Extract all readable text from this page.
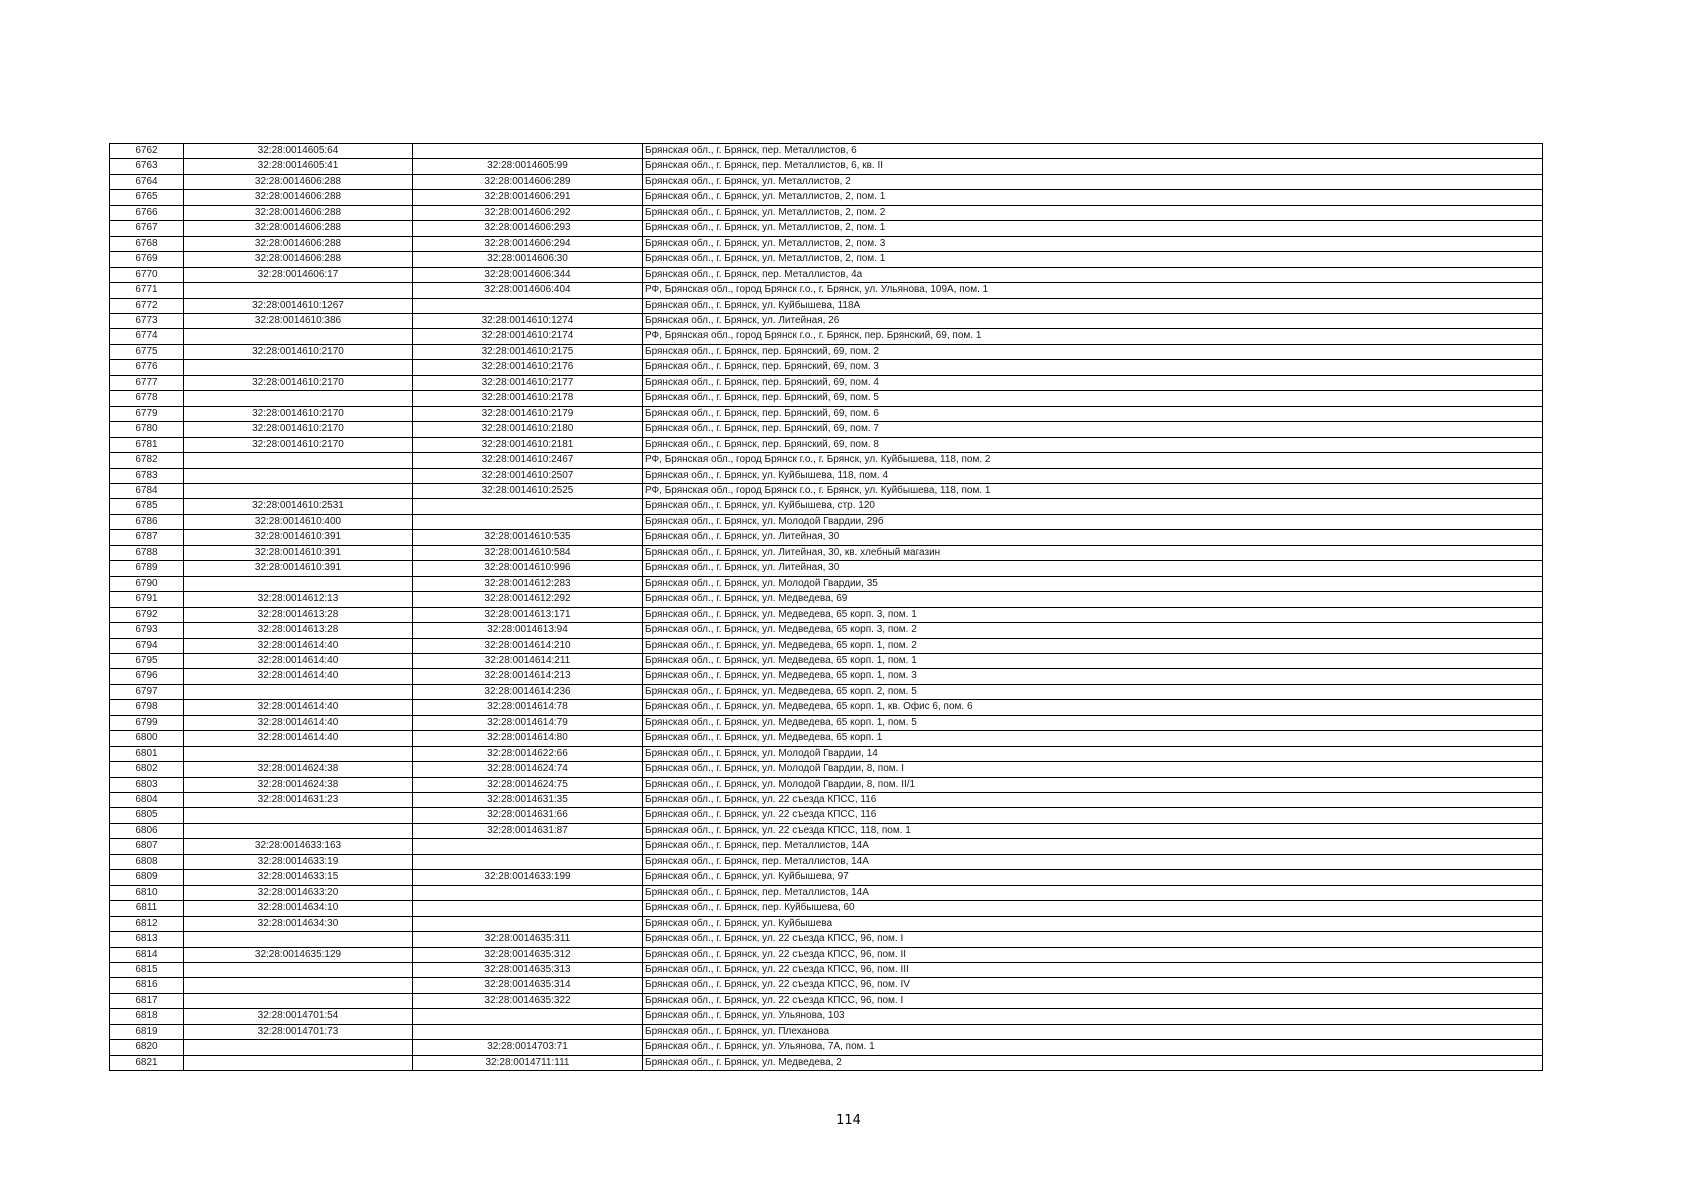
6762	32:28:0014605:64		Брянская обл., г. Брянск, пер. Металлистов, 6
6763	32:28:0014605:41	32:28:0014605:99	Брянская обл., г. Брянск, пер. Металлистов, 6, кв. II
6764	32:28:0014606:288	32:28:0014606:289	Брянская обл., г. Брянск, ул. Металлистов, 2
6765	32:28:0014606:288	32:28:0014606:291	Брянская обл., г. Брянск, ул. Металлистов, 2, пом. 1
6766	32:28:0014606:288	32:28:0014606:292	Брянская обл., г. Брянск, ул. Металлистов, 2, пом. 2
6767	32:28:0014606:288	32:28:0014606:293	Брянская обл., г. Брянск, ул. Металлистов, 2, пом. 1
6768	32:28:0014606:288	32:28:0014606:294	Брянская обл., г. Брянск, ул. Металлистов, 2, пом. 3
6769	32:28:0014606:288	32:28:0014606:30	Брянская обл., г. Брянск, ул. Металлистов, 2, пом. 1
6770	32:28:0014606:17	32:28:0014606:344	Брянская обл., г. Брянск, пер. Металлистов, 4а
6771		32:28:0014606:404	РФ, Брянская обл., город Брянск г.о., г. Брянск, ул. Ульянова, 109А, пом. 1
6772	32:28:0014610:1267		Брянская обл., г. Брянск, ул. Куйбышева, 118А
6773	32:28:0014610:386	32:28:0014610:1274	Брянская обл., г. Брянск, ул. Литейная, 26
6774		32:28:0014610:2174	РФ, Брянская обл., город Брянск г.о., г. Брянск, пер. Брянский, 69, пом. 1
6775	32:28:0014610:2170	32:28:0014610:2175	Брянская обл., г. Брянск, пер. Брянский, 69, пом. 2
6776		32:28:0014610:2176	Брянская обл., г. Брянск, пер. Брянский, 69, пом. 3
6777	32:28:0014610:2170	32:28:0014610:2177	Брянская обл., г. Брянск, пер. Брянский, 69, пом. 4
6778		32:28:0014610:2178	Брянская обл., г. Брянск, пер. Брянский, 69, пом. 5
6779	32:28:0014610:2170	32:28:0014610:2179	Брянская обл., г. Брянск, пер. Брянский, 69, пом. 6
6780	32:28:0014610:2170	32:28:0014610:2180	Брянская обл., г. Брянск, пер. Брянский, 69, пом. 7
6781	32:28:0014610:2170	32:28:0014610:2181	Брянская обл., г. Брянск, пер. Брянский, 69, пом. 8
6782		32:28:0014610:2467	РФ, Брянская обл., город Брянск г.о., г. Брянск, ул. Куйбышева, 118, пом. 2
6783		32:28:0014610:2507	Брянская обл., г. Брянск, ул. Куйбышева, 118, пом. 4
6784		32:28:0014610:2525	РФ, Брянская обл., город Брянск г.о., г. Брянск, ул. Куйбышева, 118, пом. 1
6785	32:28:0014610:2531		Брянская обл., г. Брянск, ул. Куйбышева, стр. 120
6786	32:28:0014610:400		Брянская обл., г. Брянск, ул. Молодой Гвардии, 29б
6787	32:28:0014610:391	32:28:0014610:535	Брянская обл., г. Брянск, ул. Литейная, 30
6788	32:28:0014610:391	32:28:0014610:584	Брянская обл., г. Брянск, ул. Литейная, 30, кв. хлебный магазин
6789	32:28:0014610:391	32:28:0014610:996	Брянская обл., г. Брянск, ул. Литейная, 30
6790		32:28:0014612:283	Брянская обл., г. Брянск, ул. Молодой Гвардии, 35
6791	32:28:0014612:13	32:28:0014612:292	Брянская обл., г. Брянск, ул. Медведева, 69
6792	32:28:0014613:28	32:28:0014613:171	Брянская обл., г. Брянск, ул. Медведева, 65 корп. 3, пом. 1
6793	32:28:0014613:28	32:28:0014613:94	Брянская обл., г. Брянск, ул. Медведева, 65 корп. 3, пом. 2
6794	32:28:0014614:40	32:28:0014614:210	Брянская обл., г. Брянск, ул. Медведева, 65 корп. 1, пом. 2
6795	32:28:0014614:40	32:28:0014614:211	Брянская обл., г. Брянск, ул. Медведева, 65 корп. 1, пом. 1
6796	32:28:0014614:40	32:28:0014614:213	Брянская обл., г. Брянск, ул. Медведева, 65 корп. 1, пом. 3
6797		32:28:0014614:236	Брянская обл., г. Брянск, ул. Медведева, 65 корп. 2, пом. 5
6798	32:28:0014614:40	32:28:0014614:78	Брянская обл., г. Брянск, ул. Медведева, 65 корп. 1, кв. Офис 6, пом. 6
6799	32:28:0014614:40	32:28:0014614:79	Брянская обл., г. Брянск, ул. Медведева, 65 корп. 1, пом. 5
6800	32:28:0014614:40	32:28:0014614:80	Брянская обл., г. Брянск, ул. Медведева, 65 корп. 1
6801		32:28:0014622:66	Брянская обл., г. Брянск, ул. Молодой Гвардии, 14
6802	32:28:0014624:38	32:28:0014624:74	Брянская обл., г. Брянск, ул. Молодой Гвардии, 8, пом. I
6803	32:28:0014624:38	32:28:0014624:75	Брянская обл., г. Брянск, ул. Молодой Гвардии, 8, пом. II/1
6804	32:28:0014631:23	32:28:0014631:35	Брянская обл., г. Брянск, ул. 22 съезда КПСС, 116
6805		32:28:0014631:66	Брянская обл., г. Брянск, ул. 22 съезда КПСС, 116
6806		32:28:0014631:87	Брянская обл., г. Брянск, ул. 22 съезда КПСС, 118, пом. 1
6807	32:28:0014633:163		Брянская обл., г. Брянск, пер. Металлистов, 14А
6808	32:28:0014633:19		Брянская обл., г. Брянск, пер. Металлистов, 14А
6809	32:28:0014633:15	32:28:0014633:199	Брянская обл., г. Брянск, ул. Куйбышева, 97
6810	32:28:0014633:20		Брянская обл., г. Брянск, пер. Металлистов, 14А
6811	32:28:0014634:10		Брянская обл., г. Брянск, пер. Куйбышева, 60
6812	32:28:0014634:30		Брянская обл., г. Брянск, ул. Куйбышева
6813		32:28:0014635:311	Брянская обл., г. Брянск, ул. 22 съезда КПСС, 96, пом. I
6814	32:28:0014635:129	32:28:0014635:312	Брянская обл., г. Брянск, ул. 22 съезда КПСС, 96, пом. II
6815		32:28:0014635:313	Брянская обл., г. Брянск, ул. 22 съезда КПСС, 96, пом. III
6816		32:28:0014635:314	Брянская обл., г. Брянск, ул. 22 съезда КПСС, 96, пом. IV
6817		32:28:0014635:322	Брянская обл., г. Брянск, ул. 22 съезда КПСС, 96, пом. I
6818	32:28:0014701:54		Брянская обл., г. Брянск, ул. Ульянова, 103
6819	32:28:0014701:73		Брянская обл., г. Брянск, ул. Плеханова
6820		32:28:0014703:71	Брянская обл., г. Брянск, ул. Ульянова, 7А, пом. 1
6821		32:28:0014711:111	Брянская обл., г. Брянск, ул. Медведева, 2
114
